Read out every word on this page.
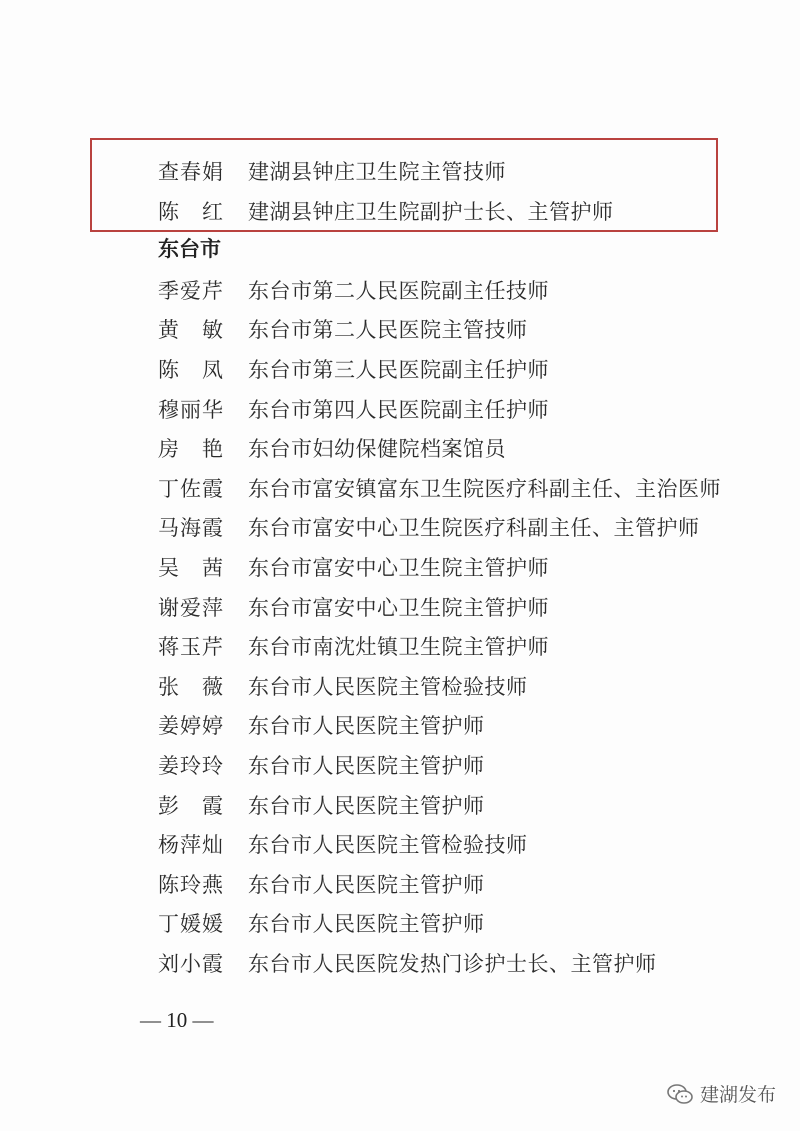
查春娟	建湖县钟庄卫生院主管技师
陈　红	建湖县钟庄卫生院副护士长、主管护师
东台市
季爱芹	东台市第二人民医院副主任技师
黄　敏	东台市第二人民医院主管技师
陈　凤	东台市第三人民医院副主任护师
穆丽华	东台市第四人民医院副主任护师
房　艳	东台市妇幼保健院档案馆员
丁佐霞	东台市富安镇富东卫生院医疗科副主任、主治医师
马海霞	东台市富安中心卫生院医疗科副主任、主管护师
吴　茜	东台市富安中心卫生院主管护师
谢爱萍	东台市富安中心卫生院主管护师
蒋玉芹	东台市南沈灶镇卫生院主管护师
张　薇	东台市人民医院主管检验技师
姜婷婷	东台市人民医院主管护师
姜玲玲	东台市人民医院主管护师
彭　霞	东台市人民医院主管护师
杨萍灿	东台市人民医院主管检验技师
陈玲燕	东台市人民医院主管护师
丁媛媛	东台市人民医院主管护师
刘小霞	东台市人民医院发热门诊护士长、主管护师
— 10 —
建湖发布
